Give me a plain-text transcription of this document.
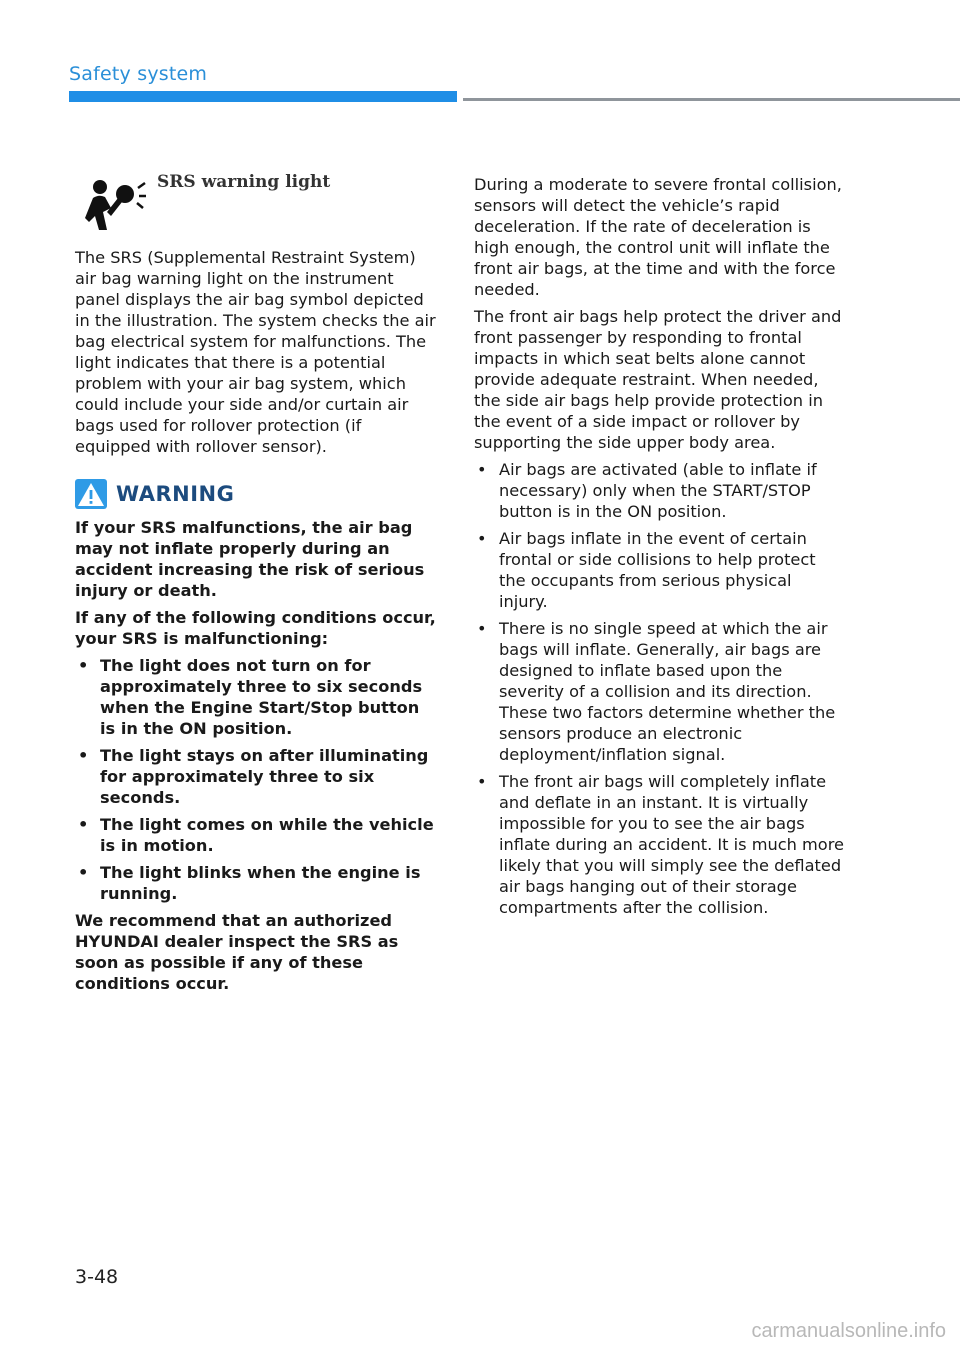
Safety system
SRS warning light

The SRS (Supplemental Restraint System) air bag warning light on the instrument panel displays the air bag symbol depicted in the illustration. The system checks the air bag electrical system for malfunctions. The light indicates that there is a potential problem with your air bag system, which could include your side and/or curtain air bags used for rollover protection (if equipped with rollover sensor).

WARNING

If your SRS malfunctions, the air bag may not inflate properly during an accident increasing the risk of serious injury or death.

If any of the following conditions occur, your SRS is malfunctioning:

• The light does not turn on for approximately three to six seconds when the Engine Start/Stop button is in the ON position.
• The light stays on after illuminating for approximately three to six seconds.
• The light comes on while the vehicle is in motion.
• The light blinks when the engine is running.

We recommend that an authorized HYUNDAI dealer inspect the SRS as soon as possible if any of these conditions occur.

During a moderate to severe frontal collision, sensors will detect the vehicle’s rapid deceleration. If the rate of deceleration is high enough, the control unit will inflate the front air bags, at the time and with the force needed.

The front air bags help protect the driver and front passenger by responding to frontal impacts in which seat belts alone cannot provide adequate restraint. When needed, the side air bags help provide protection in the event of a side impact or rollover by supporting the side upper body area.

• Air bags are activated (able to inflate if necessary) only when the START/STOP button is in the ON position.
• Air bags inflate in the event of certain frontal or side collisions to help protect the occupants from serious physical injury.
• There is no single speed at which the air bags will inflate. Generally, air bags are designed to inflate based upon the severity of a collision and its direction. These two factors determine whether the sensors produce an electronic deployment/inflation signal.
• The front air bags will completely inflate and deflate in an instant. It is virtually impossible for you to see the air bags inflate during an accident. It is much more likely that you will simply see the deflated air bags hanging out of their storage compartments after the collision.
3-48
carmanualsonline.info
